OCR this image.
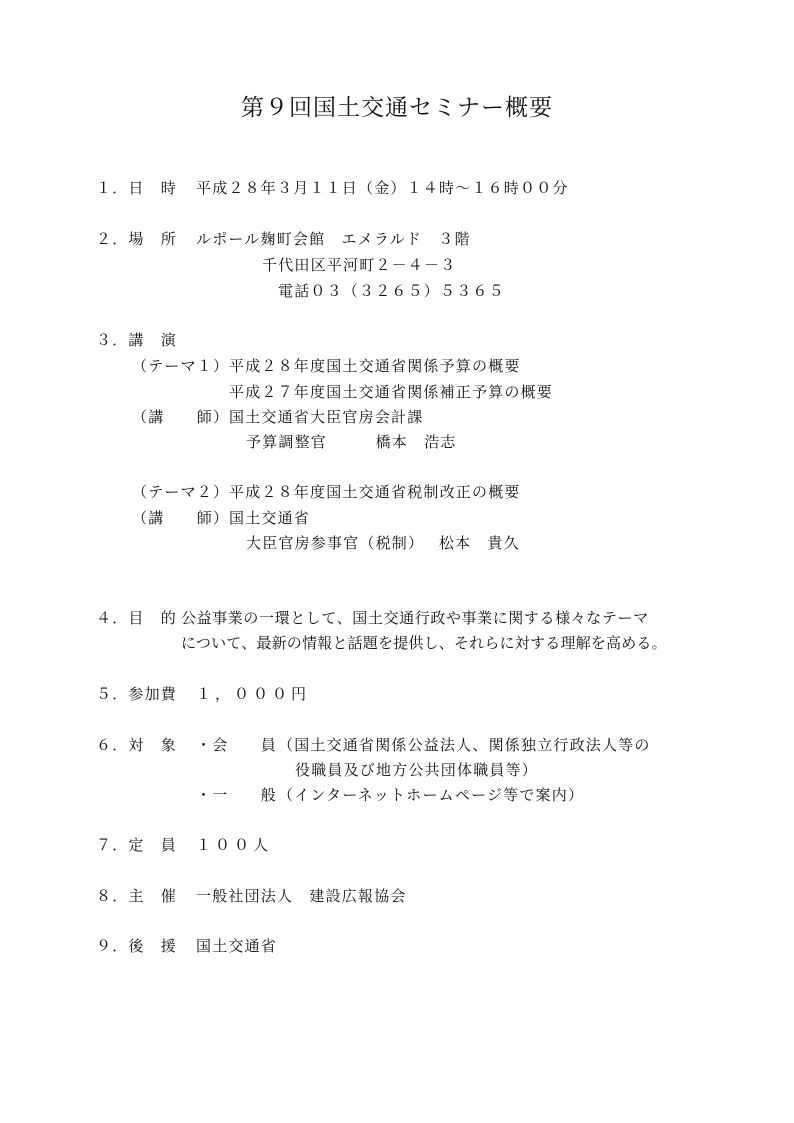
第９回国土交通セミナー概要
１．日　時 平成２８年３月１１日（金）１４時～１６時００分
２．場　所 ルポール麹町会館　エメラルド　３階
千代田区平河町２－４－３
電話０３（３２６５）５３６５
３．講　演
（テーマ１） 平成２８年度国土交通省関係予算の概要
平成２７年度国土交通省関係補正予算の概要
（講　　師） 国土交通省大臣官房会計課
予算調整官　　　橋本　浩志
（テーマ２） 平成２８年度国土交通省税制改正の概要
（講　　師） 国土交通省
大臣官房参事官（税制）　 松本　貴久
４．目　的 公益事業の一環として、国土交通行政や事業に関する様々なテーマ
について、最新の情報と話題を提供し、それらに対する理解を高める。
５．参加費 １，０００円
６．対　象 ・会　　員 （国土交通省関係公益法人、関係独立行政法人等の
役職員及び地方公共団体職員等）
・一　　般 （インターネットホームページ等で案内）
７．定　員 １００人
８．主　催 一般社団法人　建設広報協会
９．後　援 国土交通省
